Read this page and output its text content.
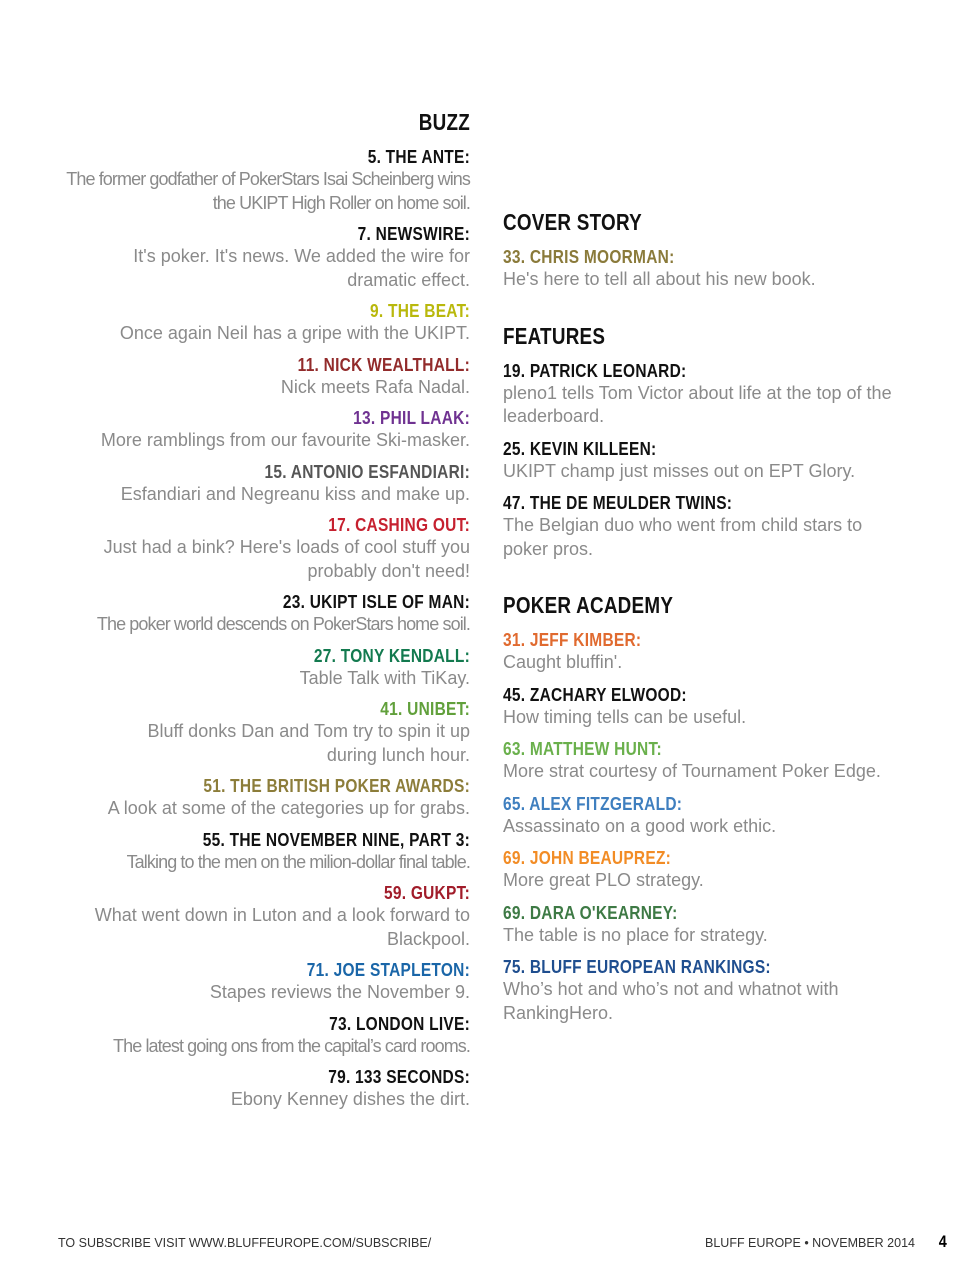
BUZZ
5. THE ANTE:
The former godfather of PokerStars Isai Scheinberg wins the UKIPT High Roller on home soil.
7. NEWSWIRE:
It's poker. It's news. We added the wire for dramatic effect.
9. THE BEAT:
Once again Neil has a gripe with the UKIPT.
11. NICK WEALTHALL:
Nick meets Rafa Nadal.
13. PHIL LAAK:
More ramblings from our favourite Ski-masker.
15. ANTONIO ESFANDIARI:
Esfandiari and Negreanu kiss and make up.
17. CASHING OUT:
Just had a bink? Here's loads of cool stuff you probably don't need!
23. UKIPT ISLE OF MAN:
The poker world descends on PokerStars home soil.
27. TONY KENDALL:
Table Talk with TiKay.
41. UNIBET:
Bluff donks Dan and Tom try to spin it up during lunch hour.
51. THE BRITISH POKER AWARDS:
A look at some of the categories up for grabs.
55. THE NOVEMBER NINE, PART 3:
Talking to the men on the milion-dollar final table.
59. GUKPT:
What went down in Luton and a look forward to Blackpool.
71. JOE STAPLETON:
Stapes reviews the November 9.
73. LONDON LIVE:
The latest going ons from the capital’s card rooms.
79. 133 SECONDS:
Ebony Kenney dishes the dirt.
COVER STORY
33. CHRIS MOORMAN:
He's here to tell all about his new book.
FEATURES
19. PATRICK LEONARD:
pleno1 tells Tom Victor about life at the top of the leaderboard.
25. KEVIN KILLEEN:
UKIPT champ just misses out on EPT Glory.
47. THE DE MEULDER TWINS:
The Belgian duo who went from child stars to poker pros.
POKER ACADEMY
31. JEFF KIMBER:
Caught bluffin'.
45. ZACHARY ELWOOD:
How timing tells can be useful.
63. MATTHEW HUNT:
More strat courtesy of Tournament Poker Edge.
65. ALEX FITZGERALD:
Assassinato on a good work ethic.
69. JOHN BEAUPREZ:
More great PLO strategy.
69. DARA O'KEARNEY:
The table is no place for strategy.
75. BLUFF EUROPEAN RANKINGS:
Who’s hot and who’s not and whatnot with RankingHero.
TO SUBSCRIBE VISIT WWW.BLUFFEUROPE.COM/SUBSCRIBE/	BLUFF EUROPE • NOVEMBER 2014 4
